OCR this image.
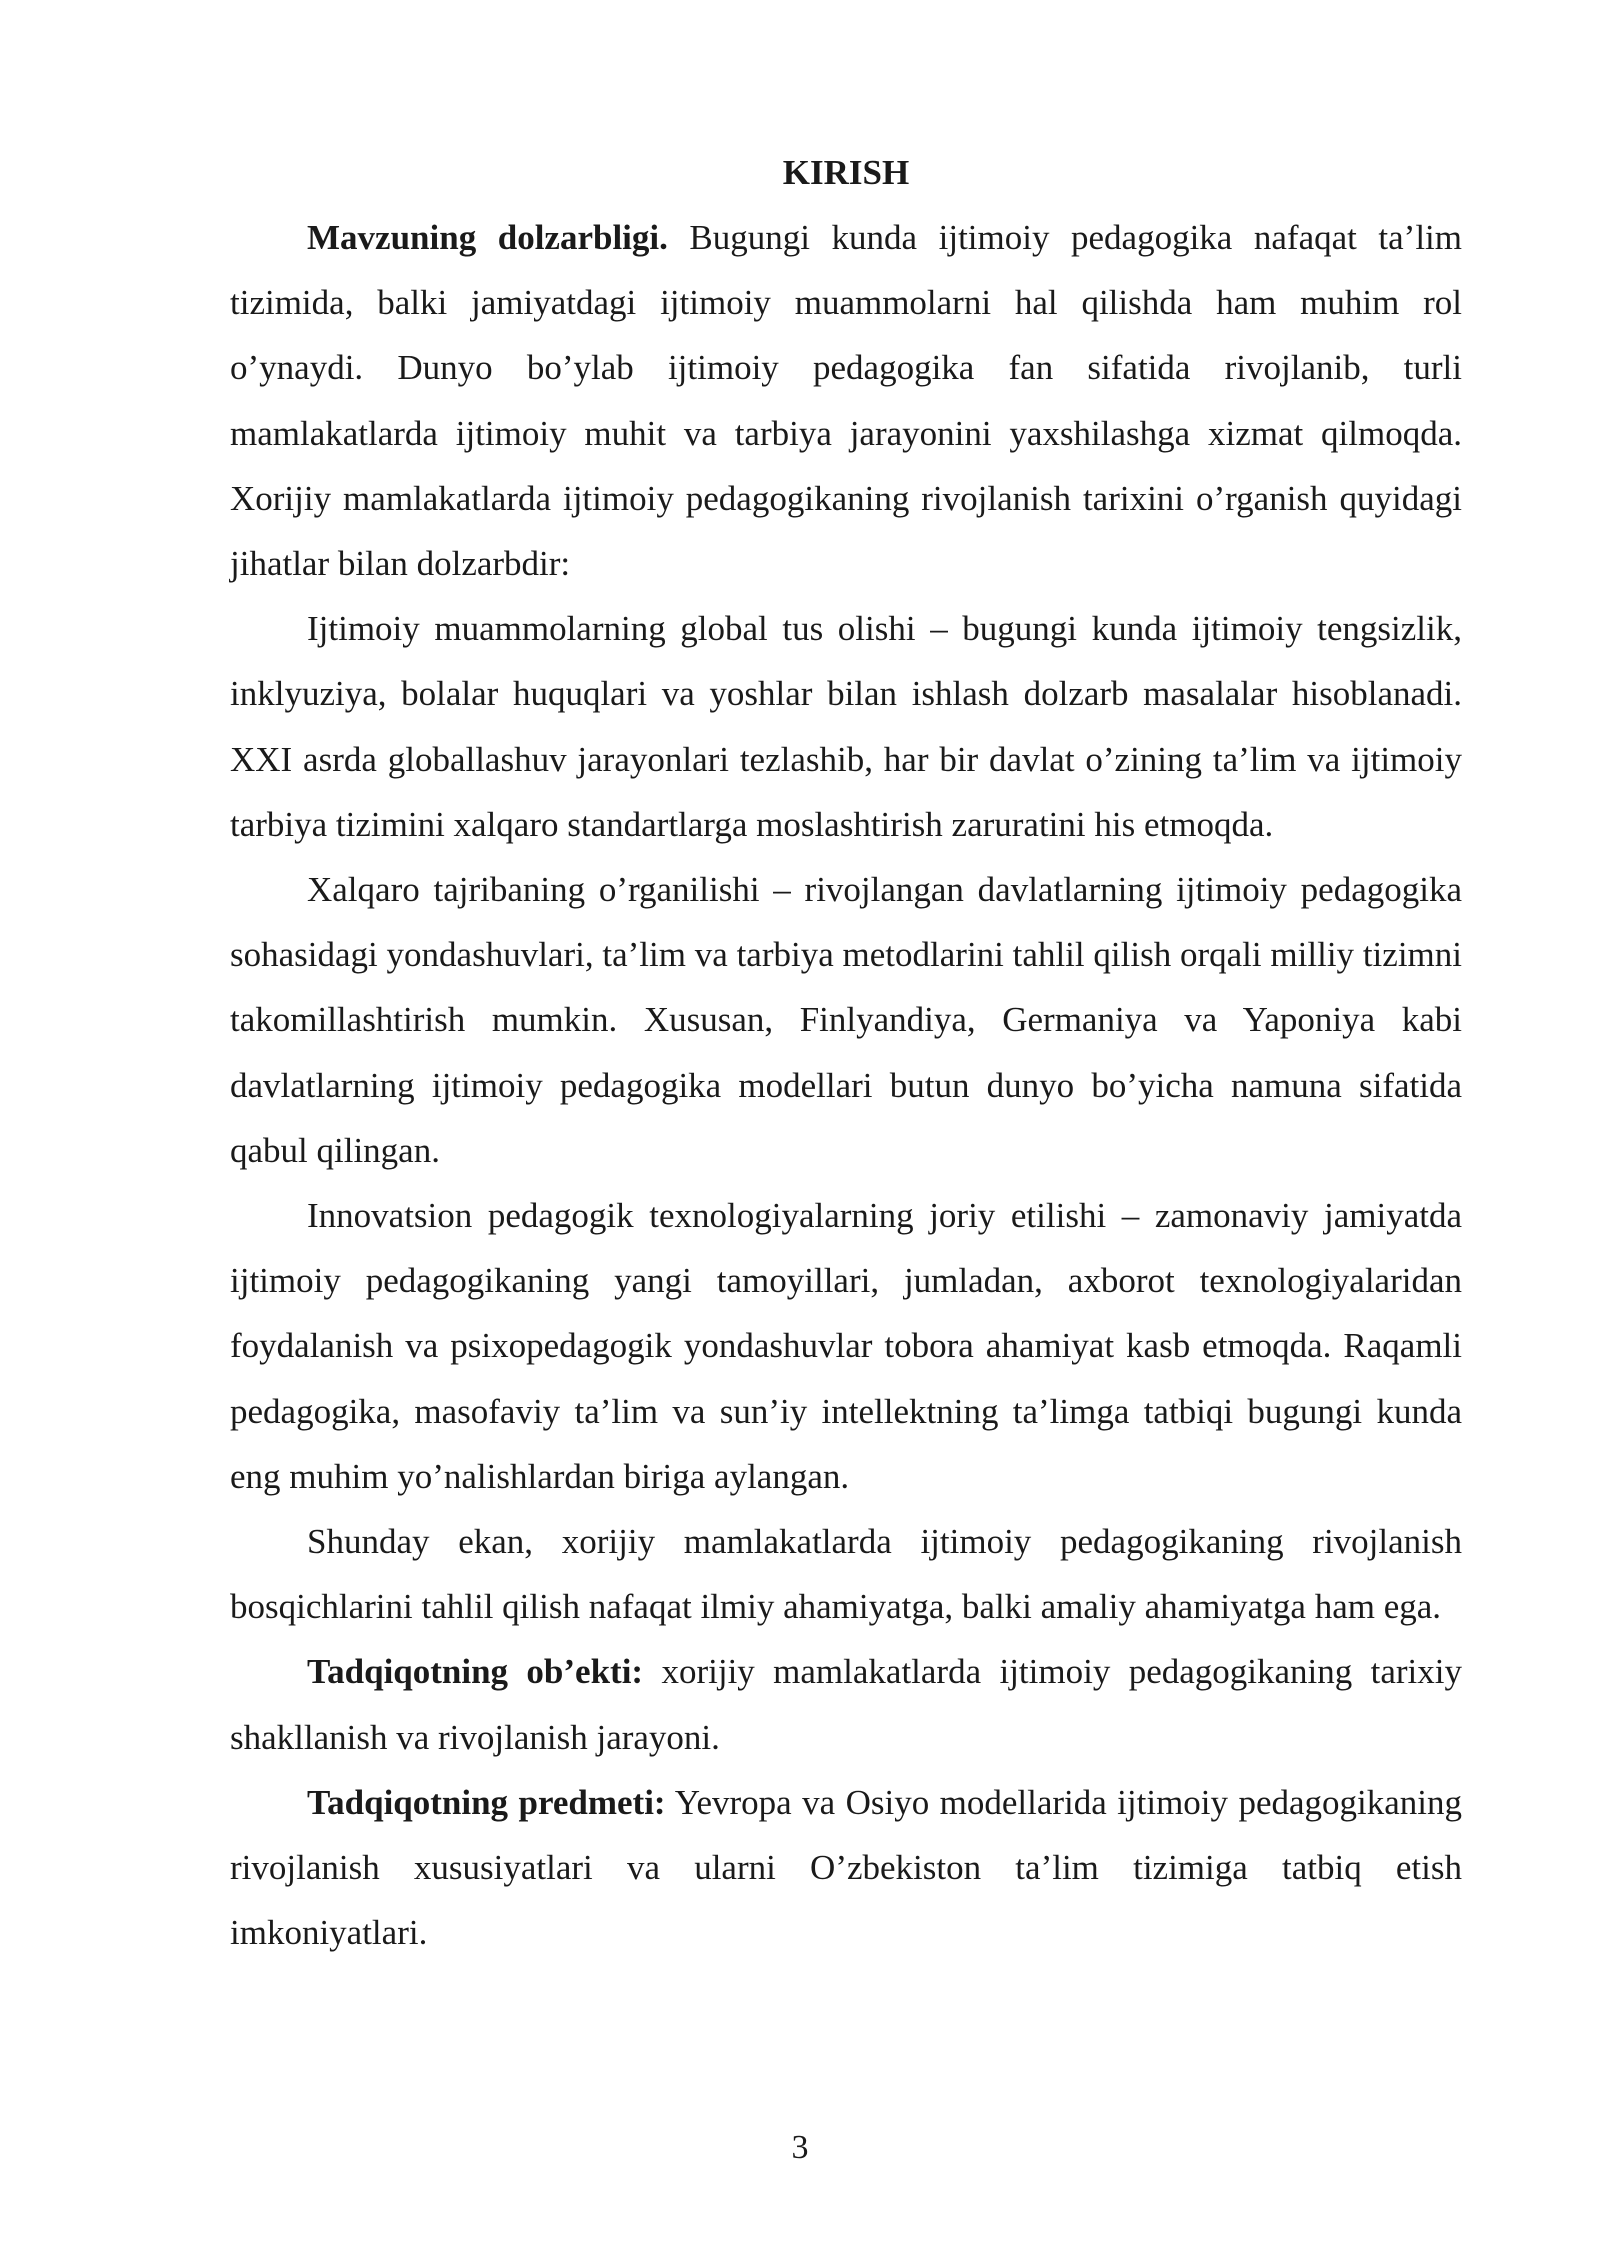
KIRISH

Mavzuning dolzarbligi. Bugungi kunda ijtimoiy pedagogika nafaqat ta’lim tizimida, balki jamiyatdagi ijtimoiy muammolarni hal qilishda ham muhim rol o’ynaydi. Dunyo bo’ylab ijtimoiy pedagogika fan sifatida rivojlanib, turli mamlakatlarda ijtimoiy muhit va tarbiya jarayonini yaxshilashga xizmat qilmoqda. Xorijiy mamlakatlarda ijtimoiy pedagogikaning rivojlanish tarixini o’rganish quyidagi jihatlar bilan dolzarbdir:

Ijtimoiy muammolarning global tus olishi – bugungi kunda ijtimoiy tengsizlik, inklyuziya, bolalar huquqlari va yoshlar bilan ishlash dolzarb masalalar hisoblanadi. XXI asrda globallashuv jarayonlari tezlashib, har bir davlat o’zining ta’lim va ijtimoiy tarbiya tizimini xalqaro standartlarga moslashtirish zaruratini his etmoqda.

Xalqaro tajribaning o’rganilishi – rivojlangan davlatlarning ijtimoiy pedagogika sohasidagi yondashuvlari, ta’lim va tarbiya metodlarini tahlil qilish orqali milliy tizimni takomillashtirish mumkin. Xususan, Finlyandiya, Germaniya va Yaponiya kabi davlatlarning ijtimoiy pedagogika modellari butun dunyo bo’yicha namuna sifatida qabul qilingan.

Innovatsion pedagogik texnologiyalarning joriy etilishi – zamonaviy jamiyatda ijtimoiy pedagogikaning yangi tamoyillari, jumladan, axborot texnologiyalaridan foydalanish va psixopedagogik yondashuvlar tobora ahamiyat kasb etmoqda. Raqamli pedagogika, masofaviy ta’lim va sun’iy intellektning ta’limga tatbiqi bugungi kunda eng muhim yo’nalishlardan biriga aylangan.

Shunday ekan, xorijiy mamlakatlarda ijtimoiy pedagogikaning rivojlanish bosqichlarini tahlil qilish nafaqat ilmiy ahamiyatga, balki amaliy ahamiyatga ham ega.

Tadqiqotning ob’ekti: xorijiy mamlakatlarda ijtimoiy pedagogikaning tarixiy shakllanish va rivojlanish jarayoni.

Tadqiqotning predmeti: Yevropa va Osiyo modellarida ijtimoiy pedagogikaning rivojlanish xususiyatlari va ularni O’zbekiston ta’lim tizimiga tatbiq etish imkoniyatlari.

3
